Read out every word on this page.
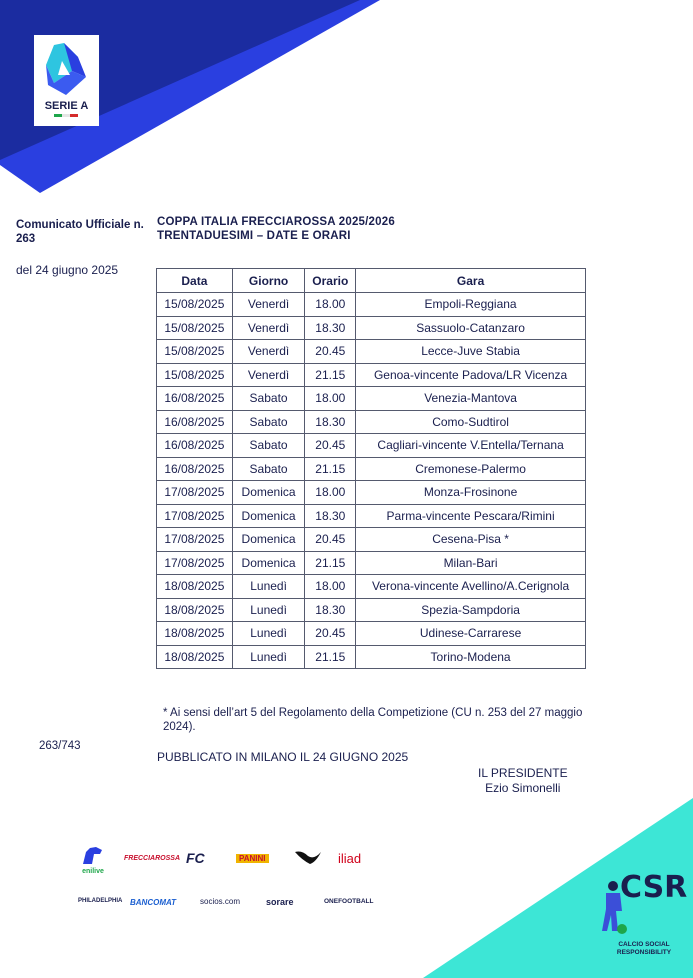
SERIE A
Comunicato Ufficiale n. 263
del 24 giugno 2025
COPPA ITALIA FRECCIAROSSA 2025/2026
TRENTADUESIMI – DATE E ORARI
Data	Giorno	Orario	Gara
15/08/2025	Venerdì	18.00	Empoli-Reggiana
15/08/2025	Venerdì	18.30	Sassuolo-Catanzaro
15/08/2025	Venerdì	20.45	Lecce-Juve Stabia
15/08/2025	Venerdì	21.15	Genoa-vincente Padova/LR Vicenza
16/08/2025	Sabato	18.00	Venezia-Mantova
16/08/2025	Sabato	18.30	Como-Sudtirol
16/08/2025	Sabato	20.45	Cagliari-vincente V.Entella/Ternana
16/08/2025	Sabato	21.15	Cremonese-Palermo
17/08/2025	Domenica	18.00	Monza-Frosinone
17/08/2025	Domenica	18.30	Parma-vincente Pescara/Rimini
17/08/2025	Domenica	20.45	Cesena-Pisa *
17/08/2025	Domenica	21.15	Milan-Bari
18/08/2025	Lunedì	18.00	Verona-vincente Avellino/A.Cerignola
18/08/2025	Lunedì	18.30	Spezia-Sampdoria
18/08/2025	Lunedì	20.45	Udinese-Carrarese
18/08/2025	Lunedì	21.15	Torino-Modena
* Ai sensi dell’art 5 del Regolamento della Competizione (CU n. 253 del 27 maggio 2024).
263/743
PUBBLICATO IN MILANO IL 24 GIUGNO 2025
IL PRESIDENTE
Ezio Simonelli
enilive
FRECCIAROSSA FC	PANINI	iliad
PHILADELPHIA BANCOMAT	socios.com	sorare	ONEFOOTBALL	CSR
CALCIO SOCIAL
RESPONSIBILITY
